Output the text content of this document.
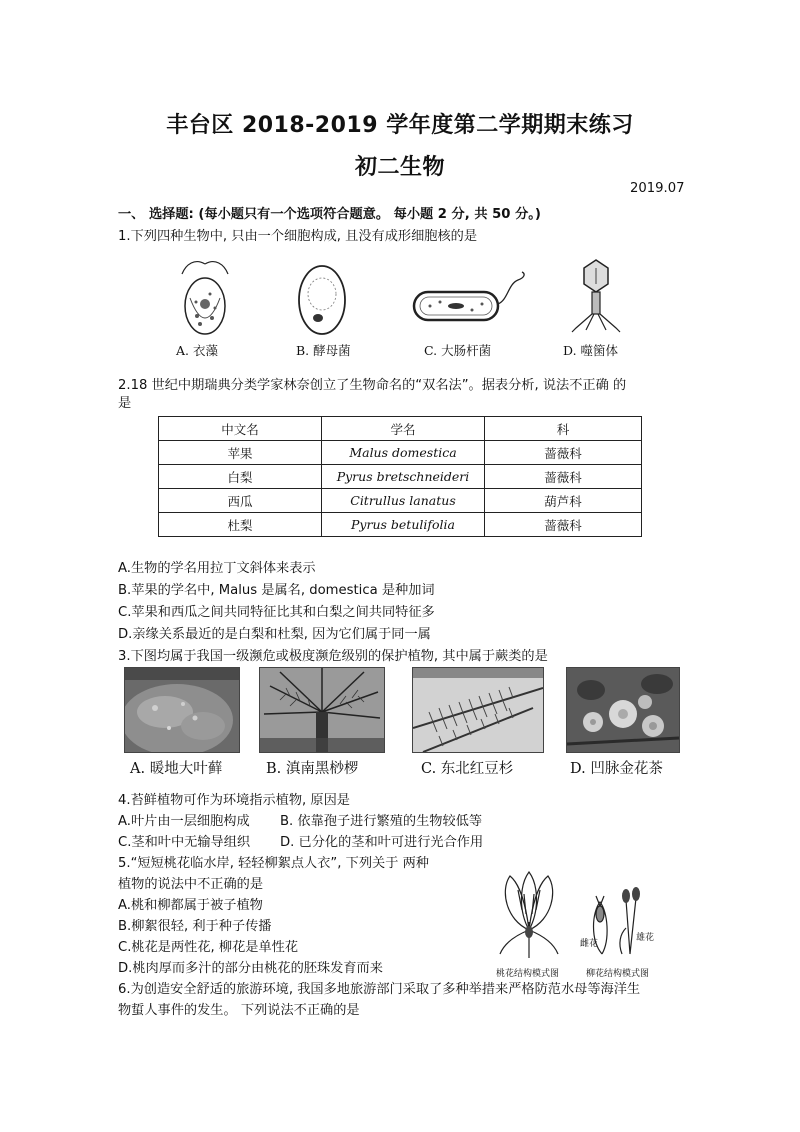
丰台区 2018-2019 学年度第二学期期末练习
初二生物
2019.07
一、 选择题: (每小题只有一个选项符合题意。 每小题 2 分, 共 50 分。)
1.下列四种生物中, 只由一个细胞构成, 且没有成形细胞核的是
A. 衣藻	B. 酵母菌	C. 大肠杆菌	D. 噬箘体
2.18 世纪中期瑞典分类学家林奈创立了生物命名的“双名法”。据表分析, 说法不正确 的
是
中文名	学名	科
苹果	Malus domestica	蔷薇科
白梨	Pyrus bretschneideri	蔷薇科
西瓜	Citrullus lanatus	葫芦科
杜梨	Pyrus betulifolia	蔷薇科
A.生物的学名用拉丁文斜体来表示
B.苹果的学名中, Malus 是属名, domestica 是种加词
C.苹果和西瓜之间共同特征比其和白梨之间共同特征多
D.亲缘关系最近的是白梨和杜梨, 因为它们属于同一属
3.下图均属于我国一级濒危或极度濒危级别的保护植物, 其中属于蕨类的是
A. 暖地大叶藓	B. 滇南黑桫椤	C. 东北红豆杉	D. 凹脉金花茶
4.苔鲜植物可作为环境指示植物, 原因是
A.叶片由一层细胞构成 B. 依靠孢子进行繁殖的生物较低等
C.茎和叶中无输导组织 D. 已分化的茎和叶可进行光合作用
5.“短短桃花临水岸, 轻轻柳絮点人衣”, 下列关于 两种
植物的说法中不正确的是
A.桃和柳都属于被子植物
B.柳絮很轻, 利于种子传播
C.桃花是两性花, 柳花是单性花
D.桃肉厚而多汁的部分由桃花的胚珠发育而来
雌花
雄花
桃花结构模式图	柳花结构模式图
6.为创造安全舒适的旅游环境, 我国多地旅游部门采取了多种举措来严格防范水母等海洋生
物蜇人事件的发生。 下列说法不正确的是
